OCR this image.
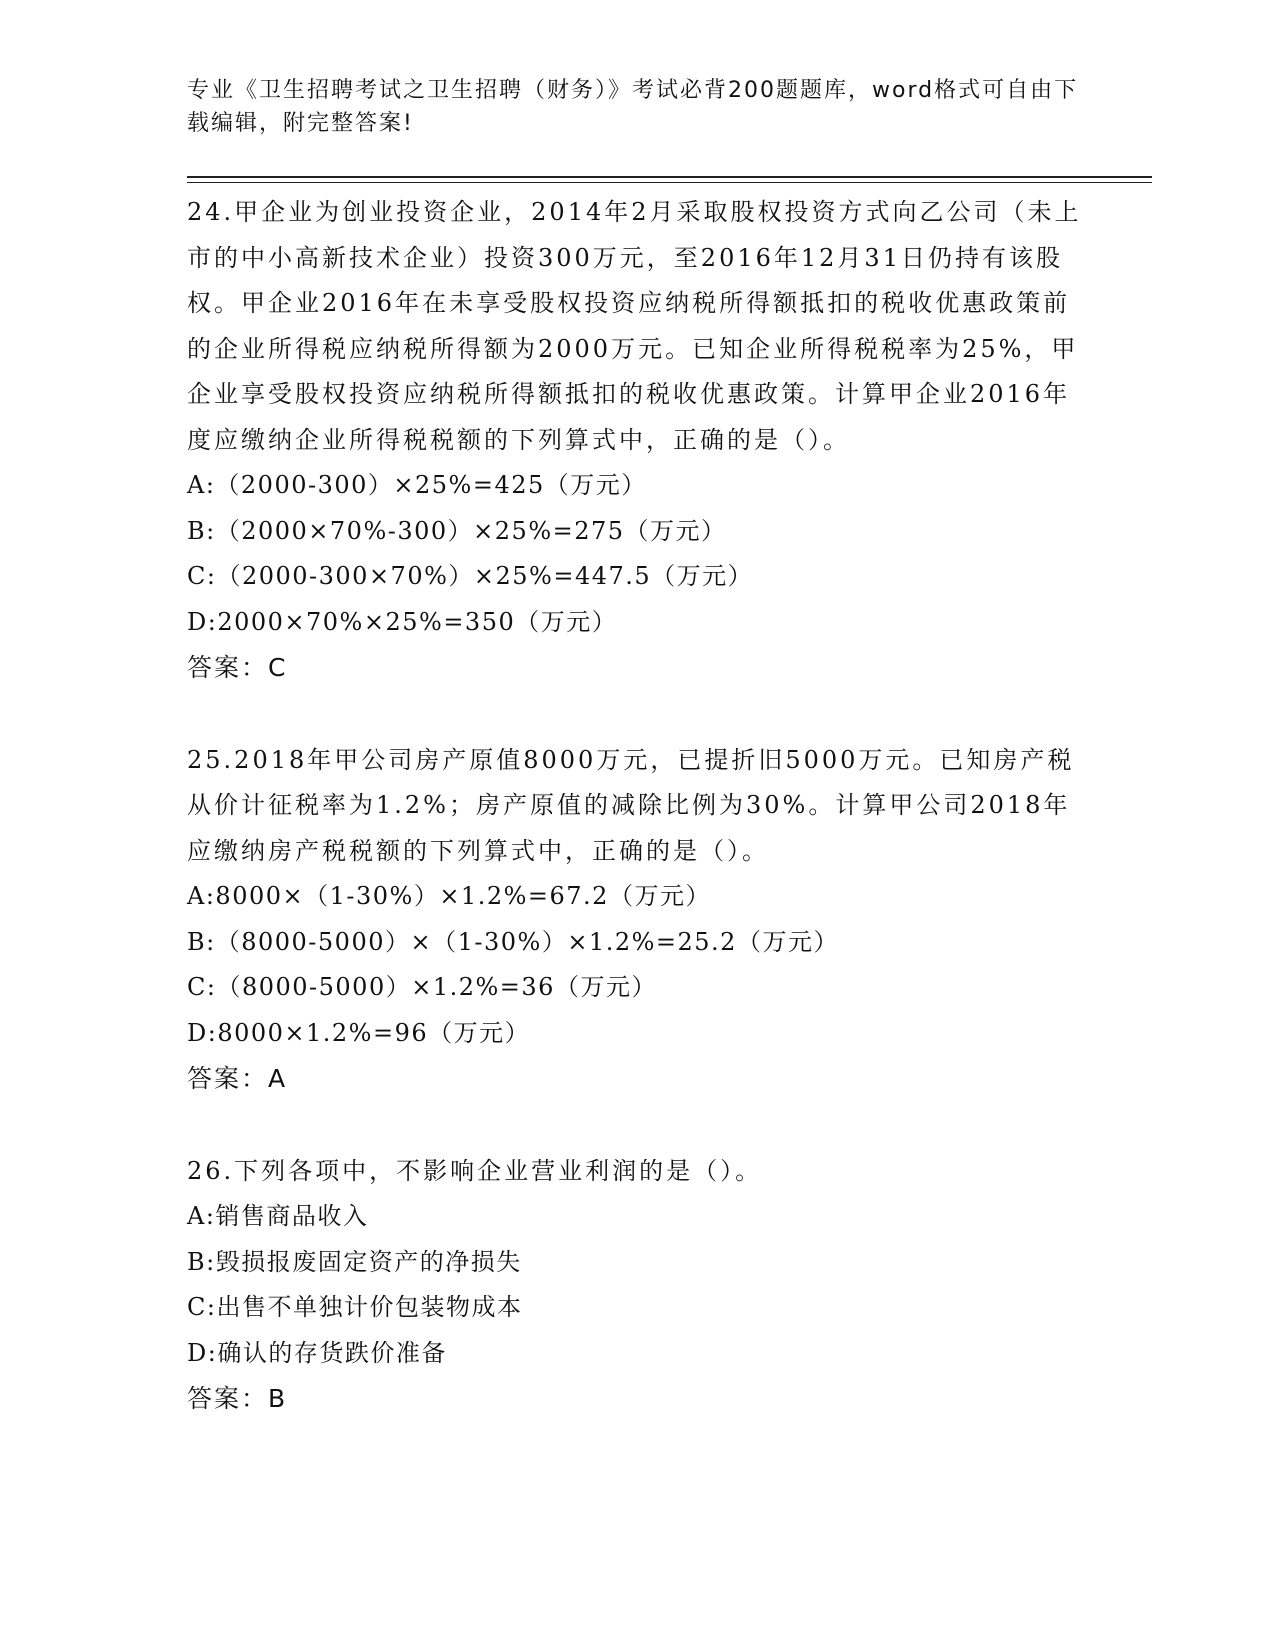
专业《卫生招聘考试之卫生招聘（财务）》考试必背200题题库，word格式可自由下载编辑，附完整答案!

24.甲企业为创业投资企业，2014年2月采取股权投资方式向乙公司（未上市的中小高新技术企业）投资300万元，至2016年12月31日仍持有该股权。甲企业2016年在未享受股权投资应纳税所得额抵扣的税收优惠政策前的企业所得税应纳税所得额为2000万元。已知企业所得税税率为25%，甲企业享受股权投资应纳税所得额抵扣的税收优惠政策。计算甲企业2016年度应缴纳企业所得税税额的下列算式中，正确的是（）。

A:（2000-300）×25%=425（万元）

B:（2000×70%-300）×25%=275（万元）

C:（2000-300×70%）×25%=447.5（万元）

D:2000×70%×25%=350（万元）

答案：C

25.2018年甲公司房产原值8000万元，已提折旧5000万元。已知房产税从价计征税率为1.2%；房产原值的减除比例为30%。计算甲公司2018年应缴纳房产税税额的下列算式中，正确的是（）。

A:8000×（1-30%）×1.2%=67.2（万元）

B:（8000-5000）×（1-30%）×1.2%=25.2（万元）

C:（8000-5000）×1.2%=36（万元）

D:8000×1.2%=96（万元）

答案：A

26.下列各项中，不影响企业营业利润的是（）。

A:销售商品收入

B:毁损报废固定资产的净损失

C:出售不单独计价包装物成本

D:确认的存货跌价准备

答案：B
